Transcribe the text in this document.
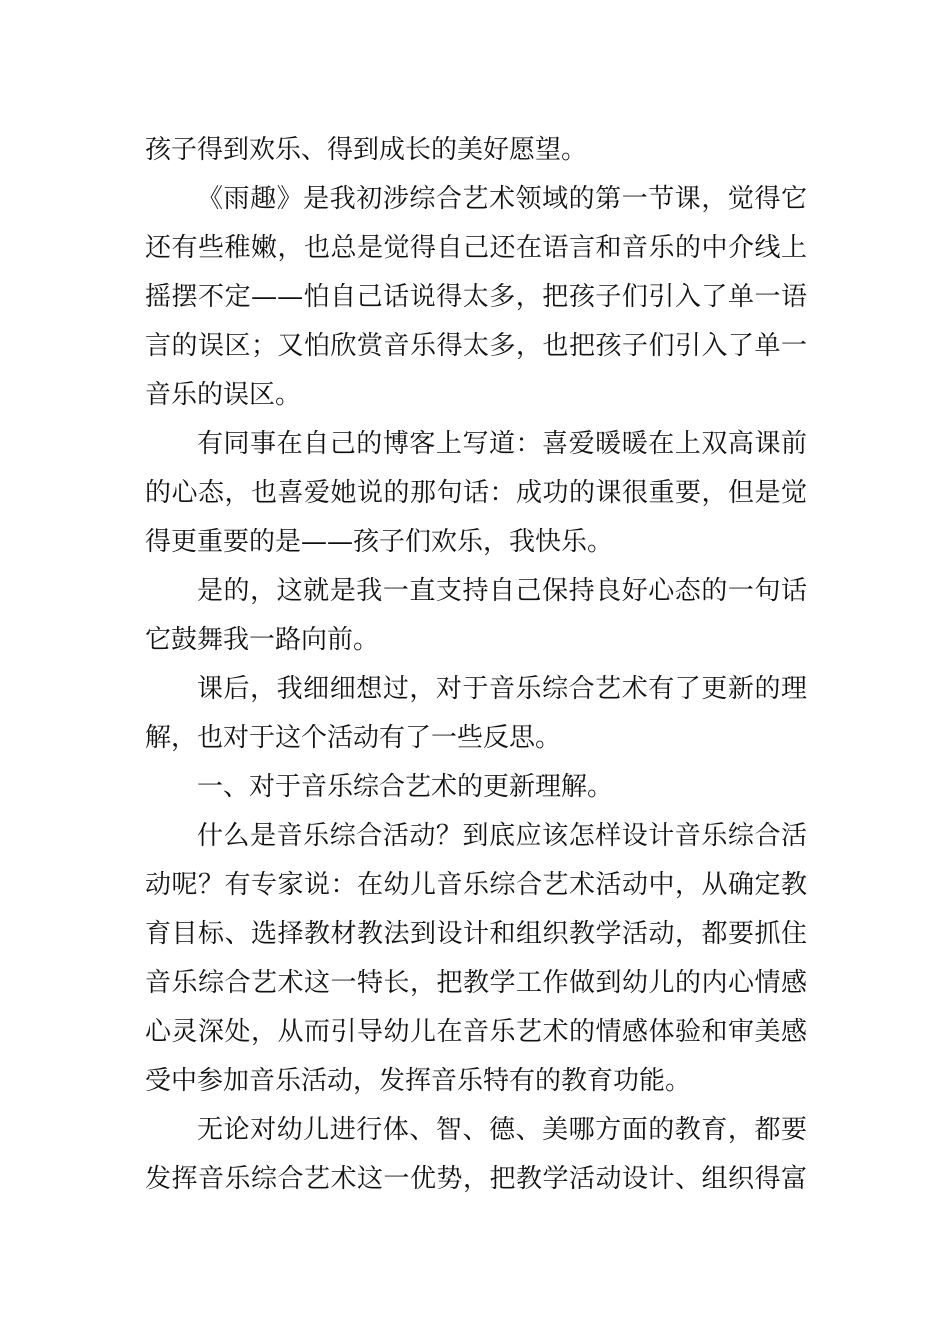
孩子得到欢乐、得到成长的美好愿望。
《雨趣》是我初涉综合艺术领域的第一节课，觉得它
还有些稚嫩，也总是觉得自己还在语言和音乐的中介线上
摇摆不定——怕自己话说得太多，把孩子们引入了单一语
言的误区；又怕欣赏音乐得太多，也把孩子们引入了单一
音乐的误区。
有同事在自己的博客上写道：喜爱暖暖在上双高课前
的心态，也喜爱她说的那句话：成功的课很重要，但是觉
得更重要的是——孩子们欢乐，我快乐。
是的，这就是我一直支持自己保持良好心态的一句话
它鼓舞我一路向前。
课后，我细细想过，对于音乐综合艺术有了更新的理
解，也对于这个活动有了一些反思。
一、对于音乐综合艺术的更新理解。
什么是音乐综合活动？到底应该怎样设计音乐综合活
动呢？有专家说：在幼儿音乐综合艺术活动中，从确定教
育目标、选择教材教法到设计和组织教学活动，都要抓住
音乐综合艺术这一特长，把教学工作做到幼儿的内心情感
心灵深处，从而引导幼儿在音乐艺术的情感体验和审美感
受中参加音乐活动，发挥音乐特有的教育功能。
无论对幼儿进行体、智、德、美哪方面的教育，都要
发挥音乐综合艺术这一优势，把教学活动设计、组织得富
